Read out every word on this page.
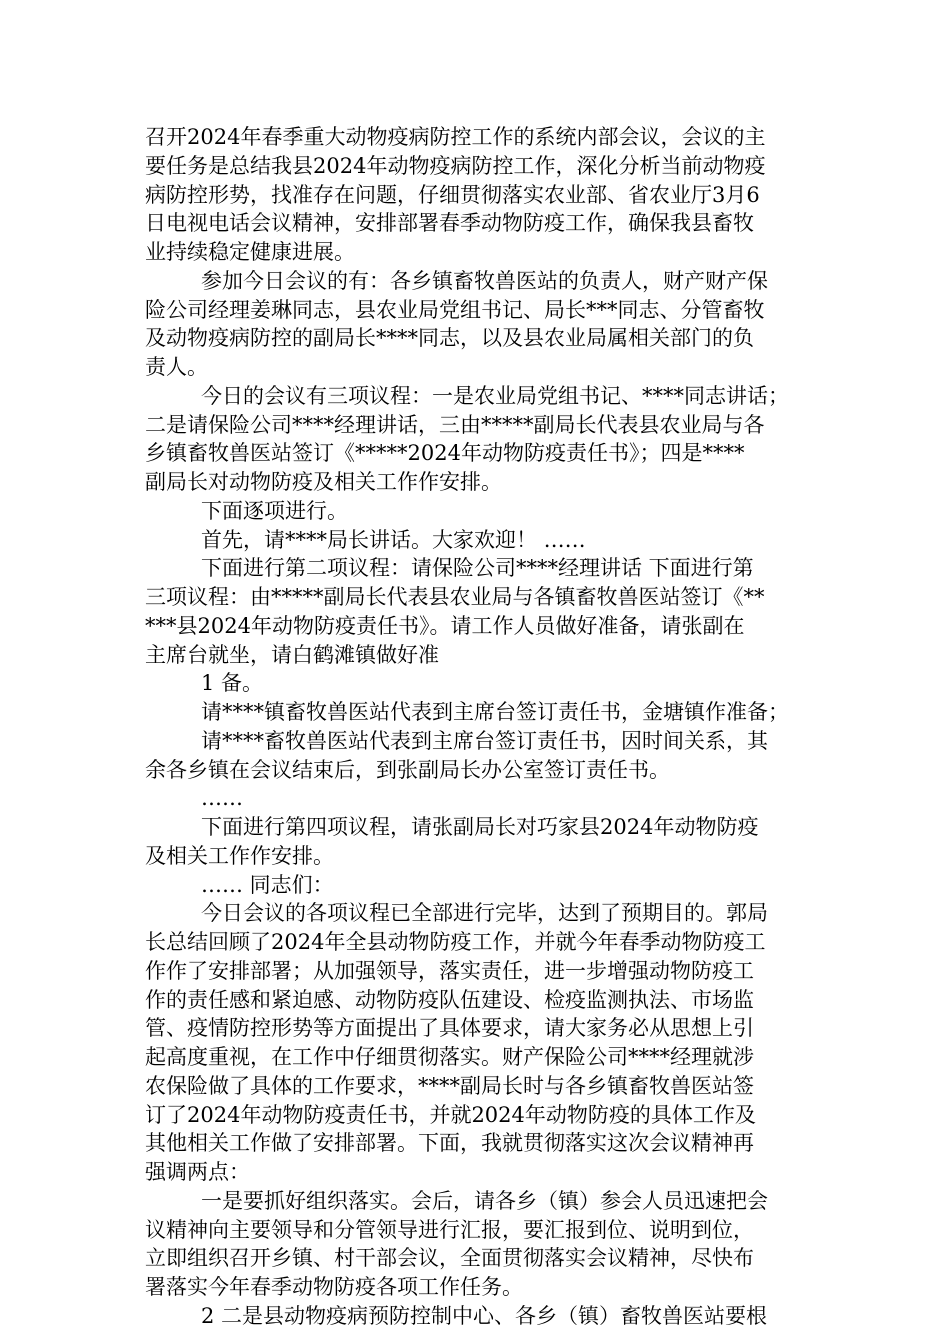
召开2024年春季重大动物疫病防控工作的系统内部会议，会议的主
要任务是总结我县2024年动物疫病防控工作，深化分析当前动物疫
病防控形势，找准存在问题，仔细贯彻落实农业部、省农业厅3月6
日电视电话会议精神，安排部署春季动物防疫工作，确保我县畜牧
业持续稳定健康进展。
参加今日会议的有：各乡镇畜牧兽医站的负责人，财产财产保
险公司经理姜琳同志，县农业局党组书记、局长***同志、分管畜牧
及动物疫病防控的副局长****同志，以及县农业局属相关部门的负
责人。
今日的会议有三项议程：一是农业局党组书记、****同志讲话；
二是请保险公司****经理讲话，三由*****副局长代表县农业局与各
乡镇畜牧兽医站签订《*****2024年动物防疫责任书》；四是****
副局长对动物防疫及相关工作作安排。
下面逐项进行。
首先，请****局长讲话。大家欢迎！ ……
下面进行第二项议程：请保险公司****经理讲话 下面进行第
三项议程：由*****副局长代表县农业局与各镇畜牧兽医站签订《**
***县2024年动物防疫责任书》。请工作人员做好准备，请张副在
主席台就坐，请白鹤滩镇做好准
1 备。
请****镇畜牧兽医站代表到主席台签订责任书，金塘镇作准备；
请****畜牧兽医站代表到主席台签订责任书，因时间关系，其
余各乡镇在会议结束后，到张副局长办公室签订责任书。
……
下面进行第四项议程，请张副局长对巧家县2024年动物防疫
及相关工作作安排。
…… 同志们：
今日会议的各项议程已全部进行完毕，达到了预期目的。郭局
长总结回顾了2024年全县动物防疫工作，并就今年春季动物防疫工
作作了安排部署；从加强领导，落实责任，进一步增强动物防疫工
作的责任感和紧迫感、动物防疫队伍建设、检疫监测执法、市场监
管、疫情防控形势等方面提出了具体要求，请大家务必从思想上引
起高度重视，在工作中仔细贯彻落实。财产保险公司****经理就涉
农保险做了具体的工作要求，****副局长时与各乡镇畜牧兽医站签
订了2024年动物防疫责任书，并就2024年动物防疫的具体工作及
其他相关工作做了安排部署。下面，我就贯彻落实这次会议精神再
强调两点：
一是要抓好组织落实。会后，请各乡（镇）参会人员迅速把会
议精神向主要领导和分管领导进行汇报，要汇报到位、说明到位，
立即组织召开乡镇、村干部会议，全面贯彻落实会议精神，尽快布
署落实今年春季动物防疫各项工作任务。
2 二是县动物疫病预防控制中心、各乡（镇）畜牧兽医站要根
